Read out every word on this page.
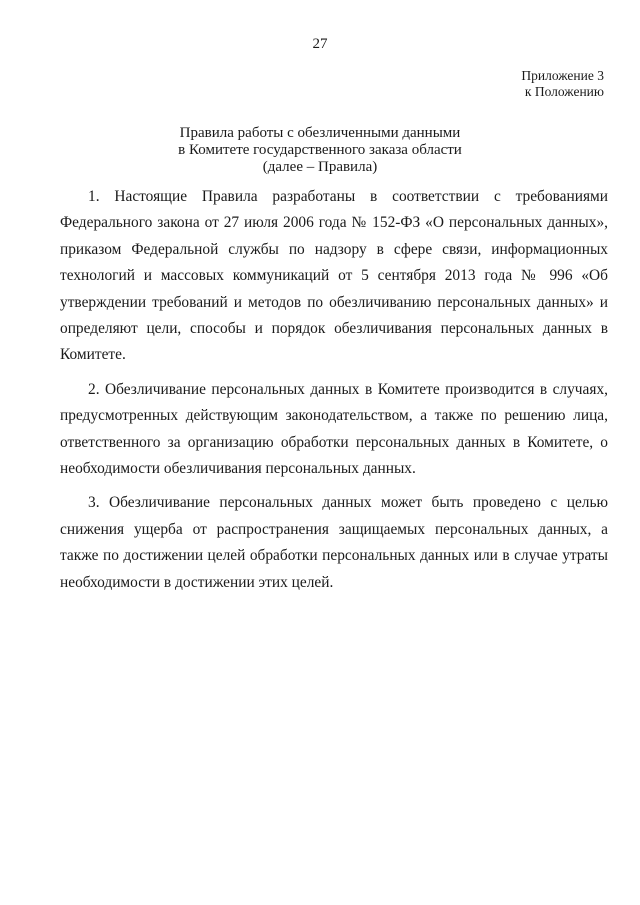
27
Приложение 3
к Положению
Правила работы с обезличенными данными
в Комитете государственного заказа области
(далее – Правила)

1. Настоящие Правила разработаны в соответствии с требованиями Федерального закона от 27 июля 2006 года № 152-ФЗ «О персональных данных», приказом Федеральной службы по надзору в сфере связи, информационных технологий и массовых коммуникаций от 5 сентября 2013 года № 996 «Об утверждении требований и методов по обезличиванию персональных данных» и определяют цели, способы и порядок обезличивания персональных данных в Комитете.

2. Обезличивание персональных данных в Комитете производится в случаях, предусмотренных действующим законодательством, а также по решению лица, ответственного за организацию обработки персональных данных в Комитете, о необходимости обезличивания персональных данных.

3. Обезличивание персональных данных может быть проведено с целью снижения ущерба от распространения защищаемых персональных данных, а также по достижении целей обработки персональных данных или в случае утраты необходимости в достижении этих целей.
